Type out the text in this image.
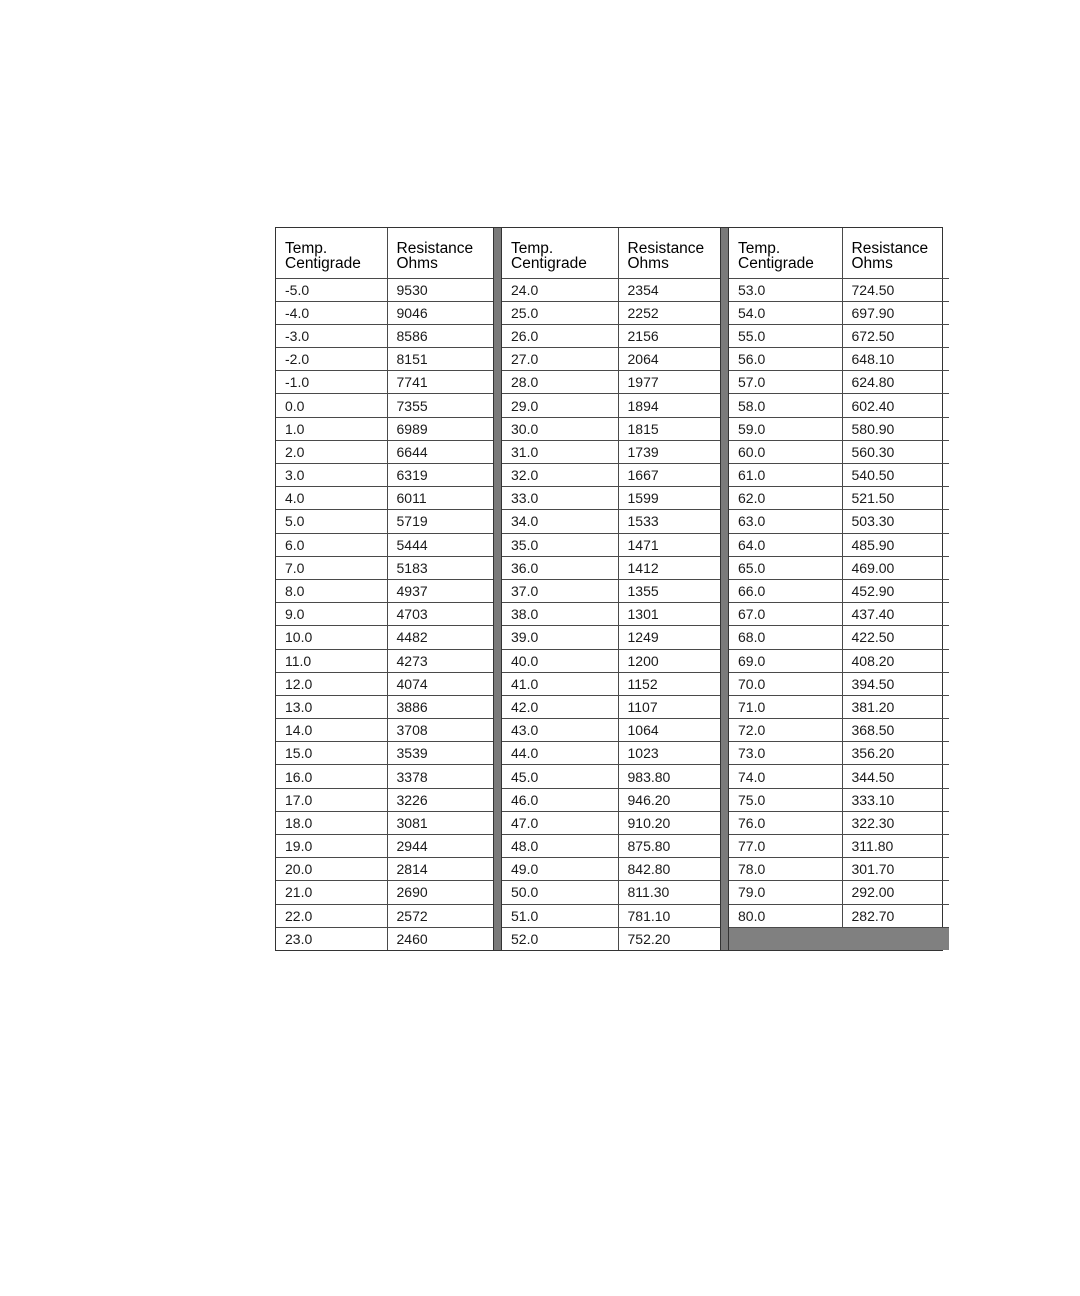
Temp.
Centigrade	Resistance
Ohms

-5.0	9530
-4.0	9046
-3.0	8586
-2.0	8151
-1.0	7741
0.0	7355
1.0	6989
2.0	6644
3.0	6319
4.0	6011
5.0	5719
6.0	5444
7.0	5183
8.0	4937
9.0	4703
10.0	4482
11.0	4273
12.0	4074
13.0	3886
14.0	3708
15.0	3539
16.0	3378
17.0	3226
18.0	3081
19.0	2944
20.0	2814
21.0	2690
22.0	2572
23.0	2460
Temp.
Centigrade	Resistance
Ohms

24.0	2354
25.0	2252
26.0	2156
27.0	2064
28.0	1977
29.0	1894
30.0	1815
31.0	1739
32.0	1667
33.0	1599
34.0	1533
35.0	1471
36.0	1412
37.0	1355
38.0	1301
39.0	1249
40.0	1200
41.0	1152
42.0	1107
43.0	1064
44.0	1023
45.0	983.80
46.0	946.20
47.0	910.20
48.0	875.80
49.0	842.80
50.0	811.30
51.0	781.10
52.0	752.20
Temp.
Centigrade	Resistance
Ohms

53.0	724.50
54.0	697.90
55.0	672.50
56.0	648.10
57.0	624.80
58.0	602.40
59.0	580.90
60.0	560.30
61.0	540.50
62.0	521.50
63.0	503.30
64.0	485.90
65.0	469.00
66.0	452.90
67.0	437.40
68.0	422.50
69.0	408.20
70.0	394.50
71.0	381.20
72.0	368.50
73.0	356.20
74.0	344.50
75.0	333.10
76.0	322.30
77.0	311.80
78.0	301.70
79.0	292.00
80.0	282.70
